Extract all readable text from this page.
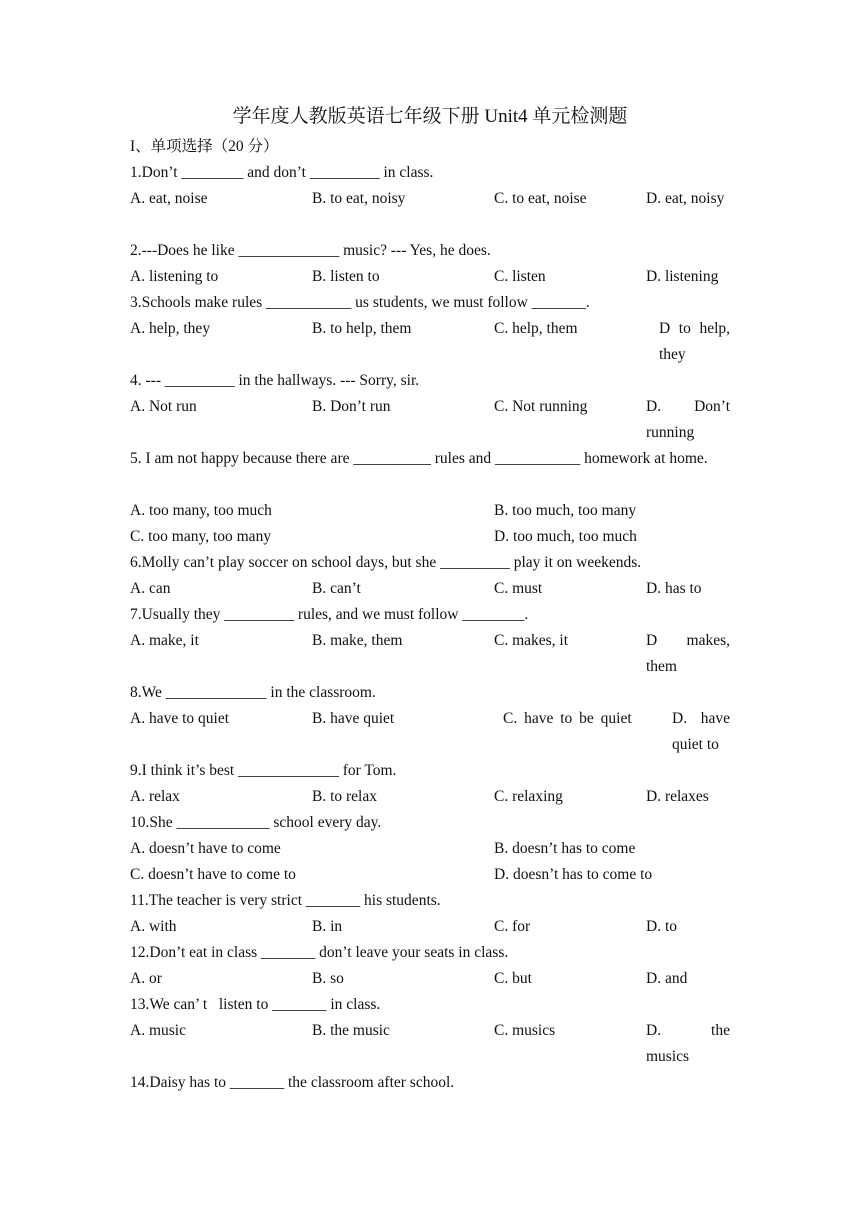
学年度人教版英语七年级下册 Unit4 单元检测题
I、单项选择（20 分）
1.Don’t ________ and don’t _________ in class.
A. eat, noise	B. to eat, noisy	C. to eat, noise	D. eat, noisy
2.---Does he like _____________ music? --- Yes, he does.
A. listening to	B. listen to	C. listen	D. listening
3.Schools make rules ___________ us students, we must follow _______.
A. help, they	B. to help, them	C. help, them	D to help, they
4. --- _________ in the hallways. --- Sorry, sir.
A. Not run	B. Don’t run	C. Not running	D. Don’t running
5. I am not happy because there are __________ rules and ___________ homework at home.
A. too many, too much	B. too much, too many
C. too many, too many	D. too much, too much
6.Molly can’t play soccer on school days, but she _________ play it on weekends.
A. can	B. can’t	C. must	D. has to
7.Usually they _________ rules, and we must follow ________.
A. make, it	B. make, them	C. makes, it	D makes, them
8.We _____________ in the classroom.
A. have to quiet	B. have quiet	C. have to be quiet	D. have quiet to
9.I think it’s best _____________ for Tom.
A. relax	B. to relax	C. relaxing	D. relaxes
10.She ____________ school every day.
A. doesn’t have to come	B. doesn’t has to come
C. doesn’t have to come to	D. doesn’t has to come to
11.The teacher is very strict _______ his students.
A. with	B. in	C. for	D. to
12.Don’t eat in class _______ don’t leave your seats in class.
A. or	B. so	C. but	D. and
13.We can’ t   listen to _______ in class.
A. music	B. the music	C. musics	D. the musics
14.Daisy has to _______ the classroom after school.
